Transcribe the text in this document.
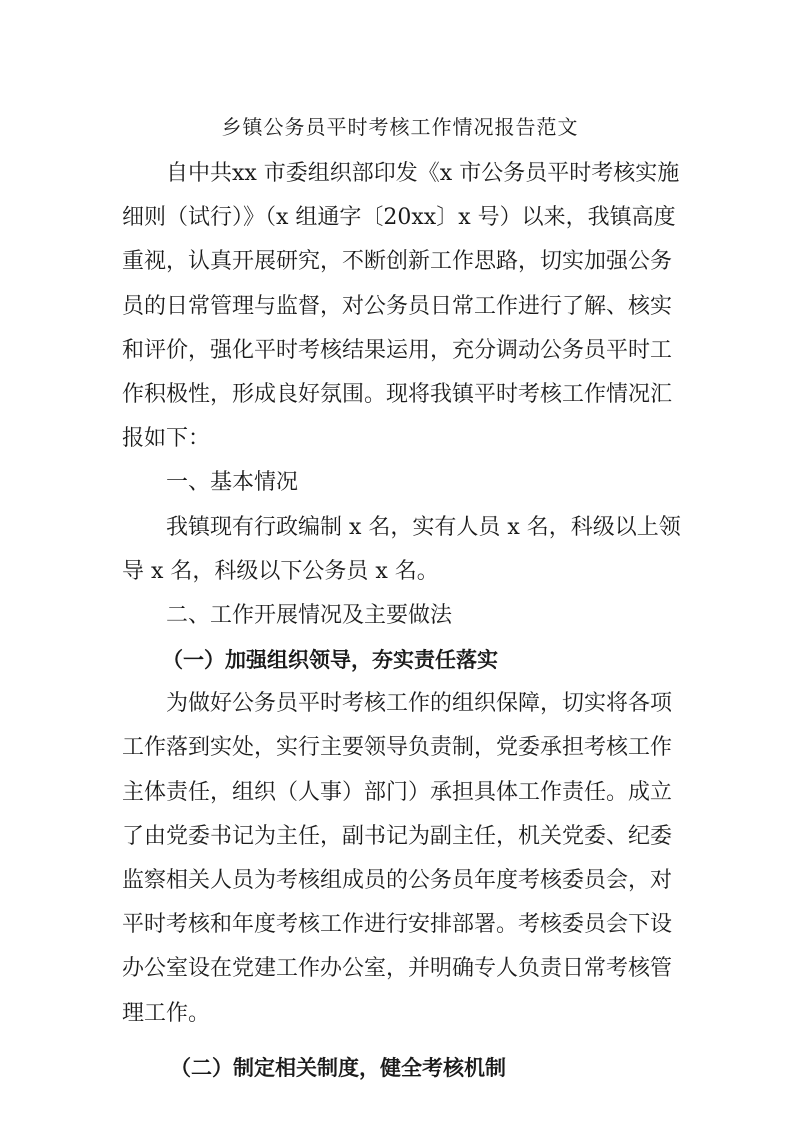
乡镇公务员平时考核工作情况报告范文
自中共xx 市委组织部印发《x 市公务员平时考核实施
细则（试行）》（x 组通字〔20xx〕x 号）以来，我镇高度
重视，认真开展研究，不断创新工作思路，切实加强公务
员的日常管理与监督，对公务员日常工作进行了解、核实
和评价，强化平时考核结果运用，充分调动公务员平时工
作积极性，形成良好氛围。现将我镇平时考核工作情况汇
报如下：
一、基本情况
我镇现有行政编制 x 名，实有人员 x 名，科级以上领
导 x 名，科级以下公务员 x 名。
二、工作开展情况及主要做法
（一）加强组织领导，夯实责任落实
为做好公务员平时考核工作的组织保障，切实将各项
工作落到实处，实行主要领导负责制，党委承担考核工作
主体责任，组织（人事）部门）承担具体工作责任。成立
了由党委书记为主任，副书记为副主任，机关党委、纪委
监察相关人员为考核组成员的公务员年度考核委员会，对
平时考核和年度考核工作进行安排部署。考核委员会下设
办公室设在党建工作办公室，并明确专人负责日常考核管
理工作。
（二）制定相关制度，健全考核机制
